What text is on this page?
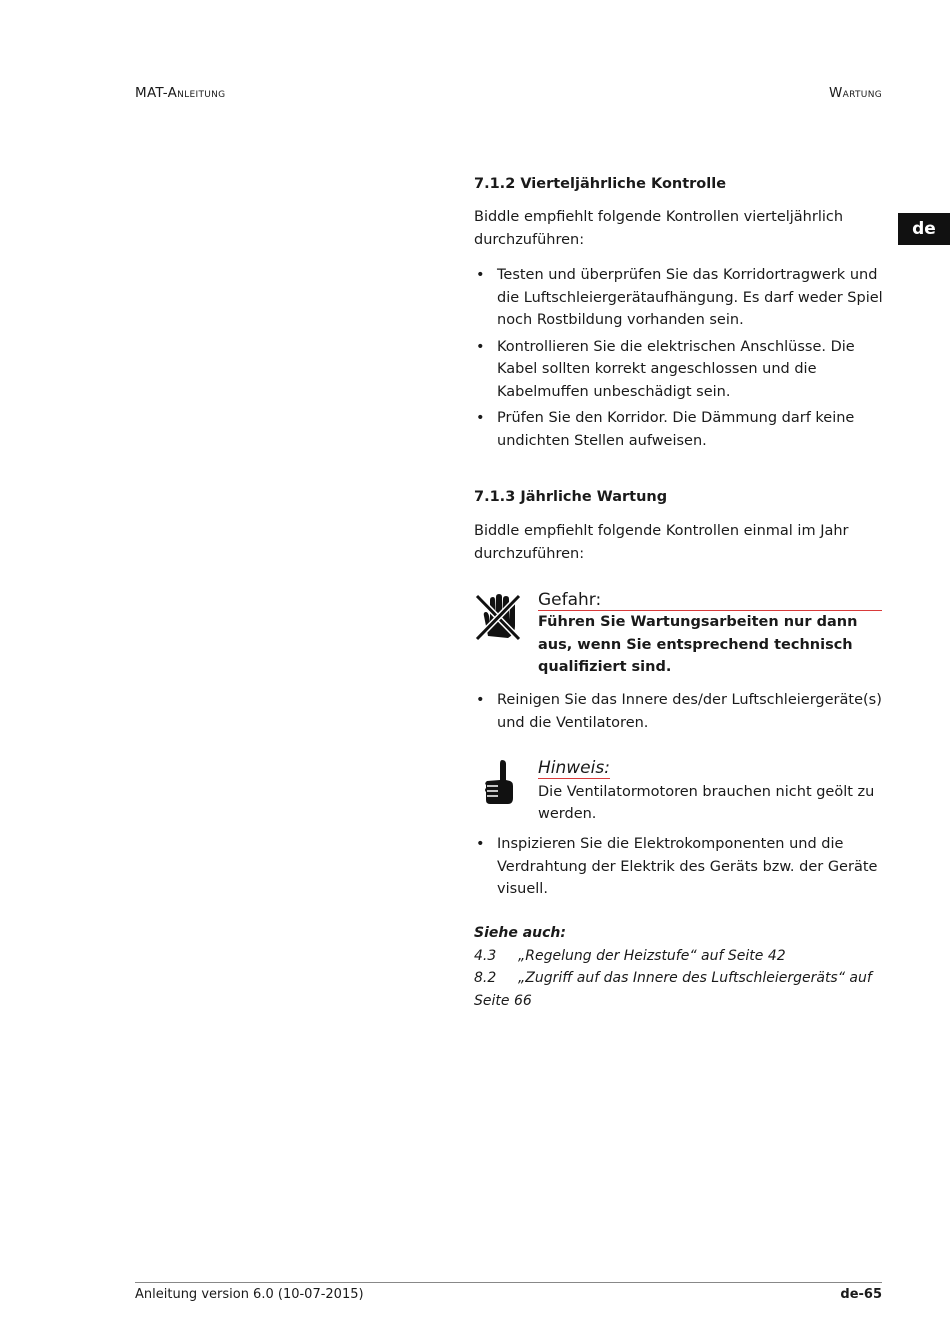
MAT-Anleitung	Wartung
de
7.1.2 Vierteljährliche Kontrolle

Biddle empfiehlt folgende Kontrollen vierteljährlich durchzuführen:

• Testen und überprüfen Sie das Korridortragwerk und die Luftschleiergerätaufhängung. Es darf weder Spiel noch Rostbildung vorhanden sein.
• Kontrollieren Sie die elektrischen Anschlüsse. Die Kabel sollten korrekt angeschlossen und die Kabelmuffen unbeschädigt sein.
• Prüfen Sie den Korridor. Die Dämmung darf keine undichten Stellen aufweisen.
7.1.3 Jährliche Wartung

Biddle empfiehlt folgende Kontrollen einmal im Jahr durchzuführen:

Gefahr:
Führen Sie Wartungsarbeiten nur dann aus, wenn Sie entsprechend technisch qualifiziert sind.
• Reinigen Sie das Innere des/der Luftschleiergeräte(s) und die Ventilatoren.
Hinweis:
Die Ventilatormotoren brauchen nicht geölt zu werden.
• Inspizieren Sie die Elektrokomponenten und die Verdrahtung der Elektrik des Geräts bzw. der Geräte visuell.
Siehe auch:
4.3 „Regelung der Heizstufe“ auf Seite 42
8.2 „Zugriff auf das Innere des Luftschleiergeräts“ auf Seite 66
Anleitung version 6.0 (10-07-2015)	de-65
